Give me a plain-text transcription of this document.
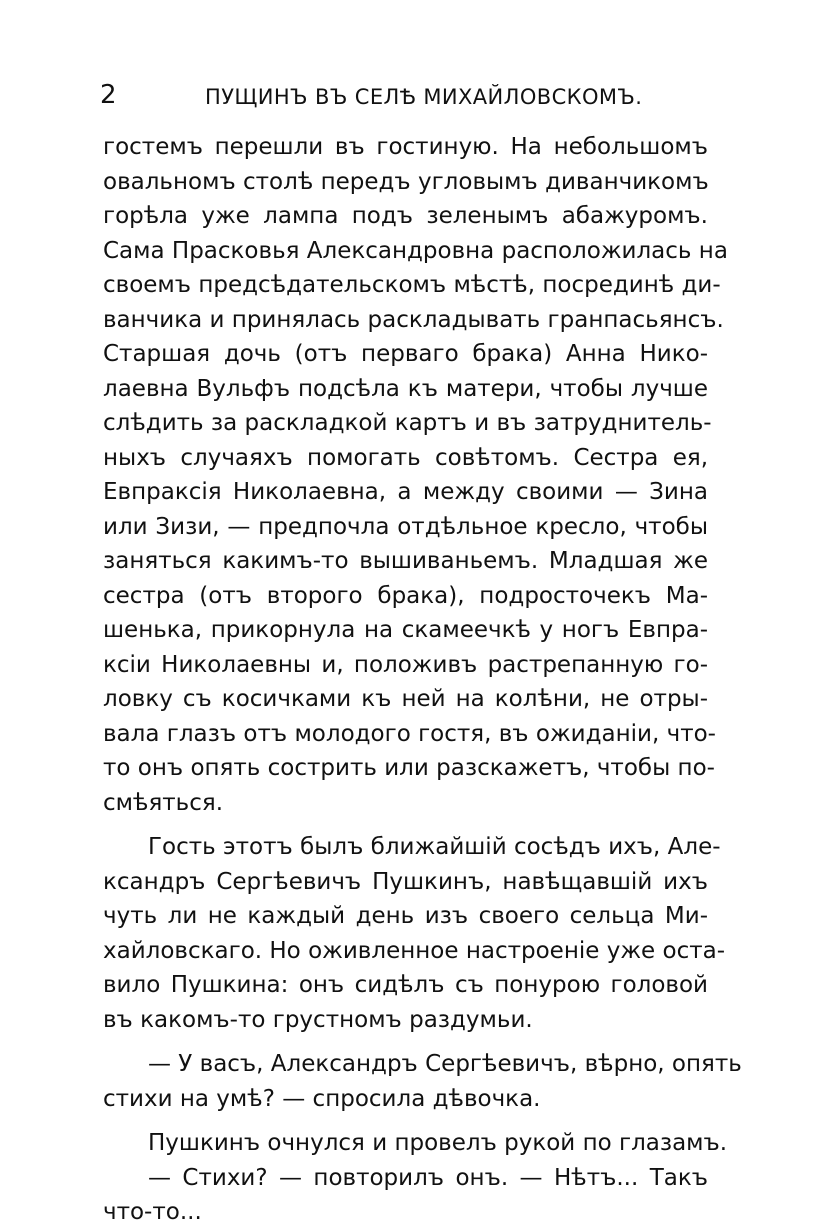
2	ПУЩИНЪ ВЪ СЕЛѢ МИХАЙЛОВСКОМЪ.
гостемъ перешли въ гостиную. На небольшомъ
овальномъ столѣ передъ угловымъ диванчикомъ
горѣла уже лампа подъ зеленымъ абажуромъ.
Сама Прасковья Александровна расположилась на
своемъ предсѣдательскомъ мѣстѣ, посрединѣ ди-
ванчика и принялась раскладывать гранпасьянсъ.
Старшая дочь (отъ перваго брака) Анна Нико-
лаевна Вульфъ подсѣла къ матери, чтобы лучше
слѣдить за раскладкой картъ и въ затруднитель-
ныхъ случаяхъ помогать совѣтомъ. Сестра ея,
Евпраксія Николаевна, а между своими — Зина
или Зизи, — предпочла отдѣльное кресло, чтобы
заняться какимъ-то вышиваньемъ. Младшая же
сестра (отъ второго брака), подросточекъ Ма-
шенька, прикорнула на скамеечкѣ у ногъ Евпра-
ксіи Николаевны и, положивъ растрепанную го-
ловку съ косичками къ ней на колѣни, не отры-
вала глазъ отъ молодого гостя, въ ожиданіи, что-
то онъ опять сострить или разскажетъ, чтобы по-
смѣяться.
Гость этотъ былъ ближайшій сосѣдъ ихъ, Але-
ксандръ Сергѣевичъ Пушкинъ, навѣщавшій ихъ
чуть ли не каждый день изъ своего сельца Ми-
хайловскаго. Но оживленное настроеніе уже оста-
вило Пушкина: онъ сидѣлъ съ понурою головой
въ какомъ-то грустномъ раздумьи.
— У васъ, Александръ Сергѣевичъ, вѣрно, опять
стихи на умѣ? — спросила дѣвочка.
Пушкинъ очнулся и провелъ рукой по глазамъ.
— Стихи? — повторилъ онъ. — Нѣтъ... Такъ
что-то...
